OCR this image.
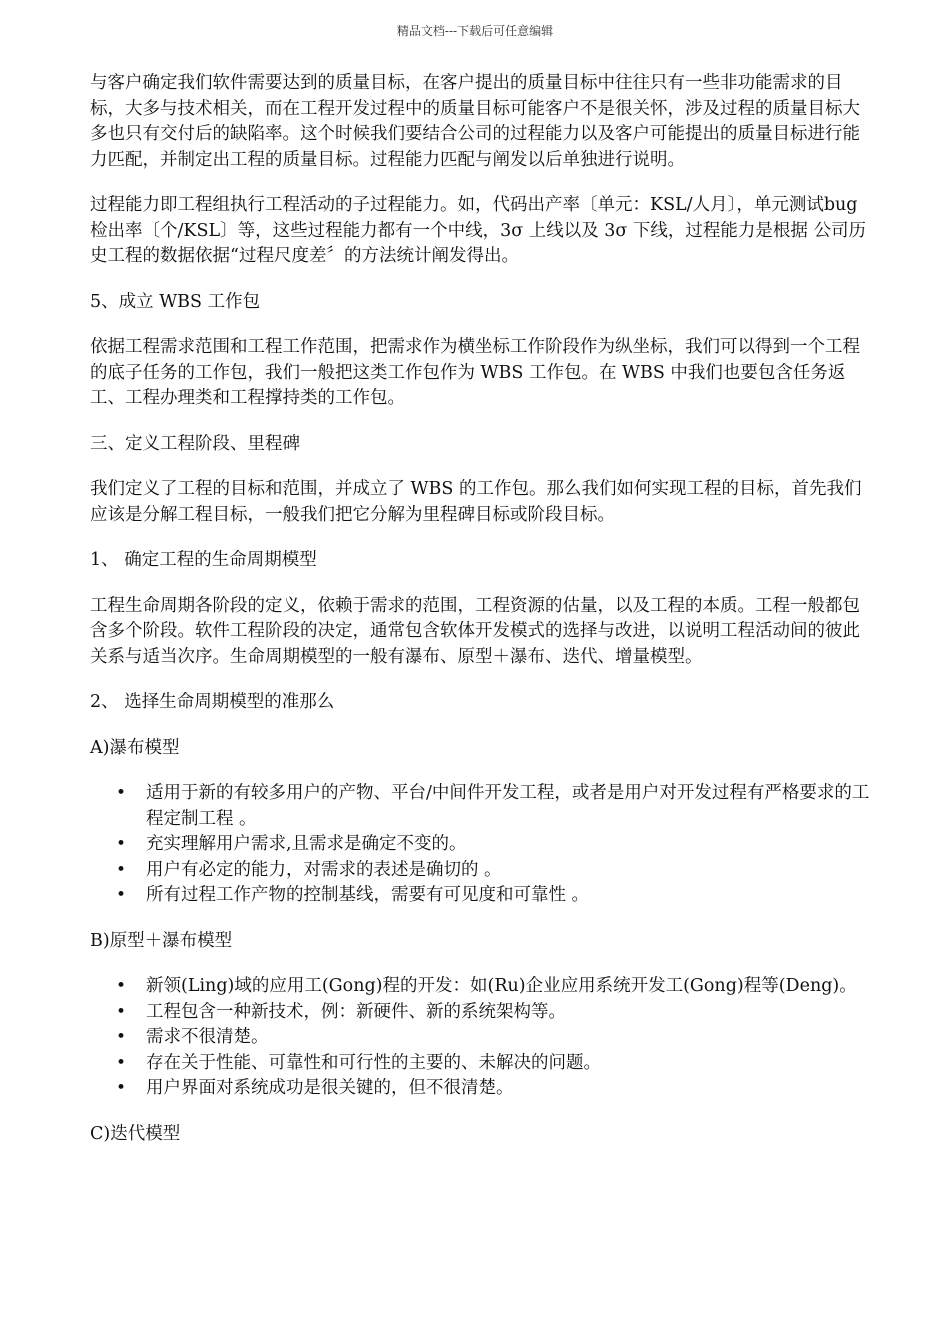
精品文档---下载后可任意编辑

与客户确定我们软件需要达到的质量目标，在客户提出的质量目标中往往只有一些非功能需求的目标，大多与技术相关，而在工程开发过程中的质量目标可能客户不是很关怀，涉及过程的质量目标大多也只有交付后的缺陷率。这个时候我们要结合公司的过程能力以及客户可能提出的质量目标进行能力匹配，并制定出工程的质量目标。过程能力匹配与阐发以后单独进行说明。

过程能力即工程组执行工程活动的子过程能力。如，代码出产率〔单元：KSL/人月〕，单元测试bug检出率〔个/KSL〕等，这些过程能力都有一个中线，3σ 上线以及 3σ 下线，过程能力是根据 公司历史工程的数据依据“过程尺度差〞的方法统计阐发得出。

5、成立 WBS 工作包

依据工程需求范围和工程工作范围，把需求作为横坐标工作阶段作为纵坐标，我们可以得到一个工程的底子任务的工作包，我们一般把这类工作包作为 WBS 工作包。在 WBS 中我们也要包含任务返工、工程办理类和工程撑持类的工作包。

三、定义工程阶段、里程碑

我们定义了工程的目标和范围，并成立了 WBS 的工作包。那么我们如何实现工程的目标，首先我们应该是分解工程目标，一般我们把它分解为里程碑目标或阶段目标。

1、 确定工程的生命周期模型

工程生命周期各阶段的定义，依赖于需求的范围，工程资源的估量，以及工程的本质。工程一般都包含多个阶段。软件工程阶段的决定，通常包含软体开发模式的选择与改进，以说明工程活动间的彼此关系与适当次序。生命周期模型的一般有瀑布、原型＋瀑布、迭代、增量模型。

2、 选择生命周期模型的准那么

A)瀑布模型

• 适用于新的有较多用户的产物、平台/中间件开发工程，或者是用户对开发过程有严格要求的工程定制工程 。
• 充实理解用户需求,且需求是确定不变的。
• 用户有必定的能力，对需求的表述是确切的 。
• 所有过程工作产物的控制基线，需要有可见度和可靠性 。

B)原型＋瀑布模型

• 新领(Ling)域的应用工(Gong)程的开发：如(Ru)企业应用系统开发工(Gong)程等(Deng)。
• 工程包含一种新技术，例：新硬件、新的系统架构等。
• 需求不很清楚。
• 存在关于性能、可靠性和可行性的主要的、未解决的问题。
• 用户界面对系统成功是很关键的，但不很清楚。

C)迭代模型
